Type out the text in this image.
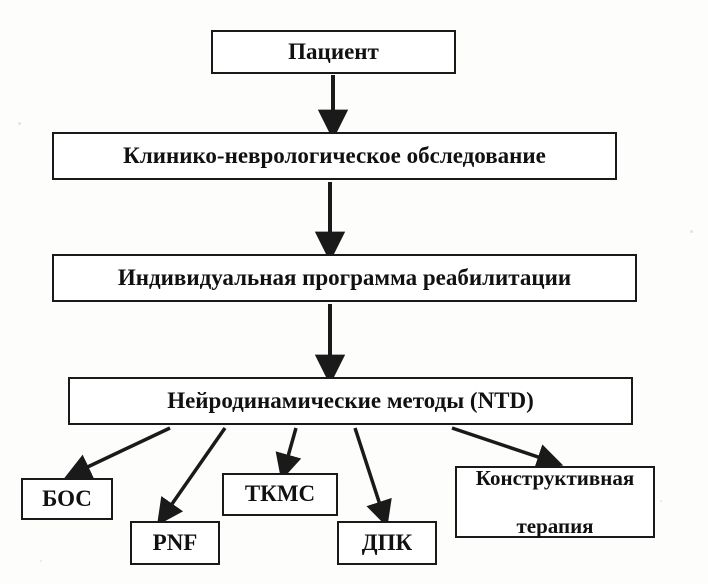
Пациент
Клинико-неврологическое обследование
Индивидуальная программа реабилитации
Нейродинамические методы (NTD)
БОС
PNF
ТКМС
ДПК
Конструктивная

терапия
